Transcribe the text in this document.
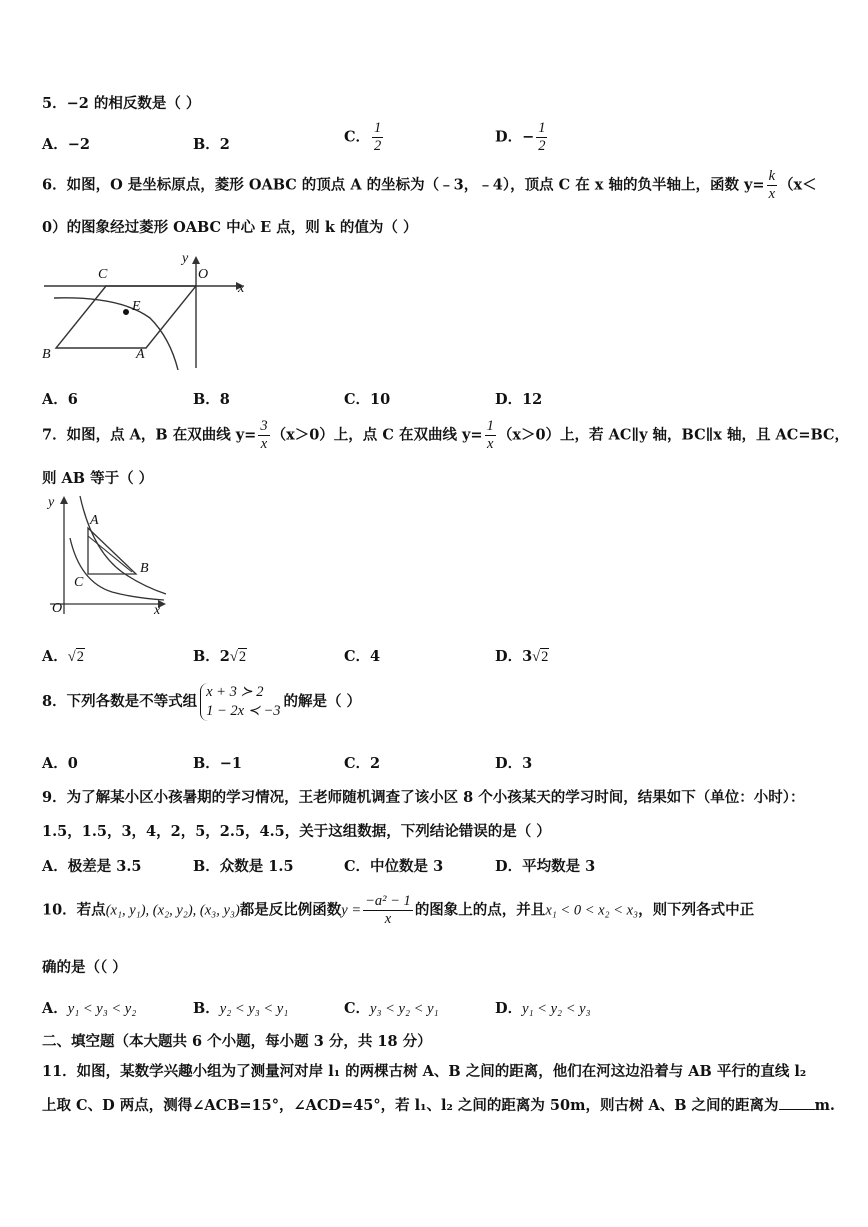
5．−2 的相反数是（ ）
A．−2	B．2	C． $\frac{1}{2}$	D．− $\frac{1}{2}$
6．如图，O 是坐标原点，菱形 OABC 的顶点 A 的坐标为（﹣3，﹣4），顶点 C 在 x 轴的负半轴上，函数 $y= \frac{k}{x} (x<$
0）的图象经过菱形 OABC 中心 E 点，则 k 的值为（ ）
C
y
O
x
E
B	A
A．6	B．8	C．10	D．12
7．如图，点 A，B 在双曲线 $y= \frac{3}{x} (x>0)$上，点 C 在双曲线 $y= \frac{1}{x} (x>0)$上，若 AC∥y 轴，BC∥x 轴，且 AC=BC，
则 AB 等于（ ）
y
A
B
C
O	x
A．√2	B．2√2	C．4	D．3√2
8．下列各数是不等式组
x + 3 ≻ 2
1 − 2x ≺ −3
的解是（ ）
A．0	B．−1	C．2	D．3
9．为了解某小区小孩暑期的学习情况，王老师随机调查了该小区 8 个小孩某天的学习时间，结果如下（单位：小时）：
1.5，1.5，3，4，2，5，2.5，4.5，关于这组数据，下列结论错误的是（ ）
A．极差是 3.5	B．众数是 1.5	C．中位数是 3	D．平均数是 3
10．若点(x₁, y₁), (x₂, y₂), (x₃, y₃)都是反比例函数$y = \frac{\text{−a² − 1}}{x}$ 的图象上的点，并且x₁ < 0 < x₂ < x₃，则下列各式中正
确的是（（ ）
A．y₁ < y₃ < y₂	B．y₂ < y₃ < y₁	C．y₃ < y₂ < y₁	D．y₁ < y₂ < y₃
二、填空题（本大题共 6 个小题，每小题 3 分，共 18 分）
11．如图，某数学兴趣小组为了测量河对岸 l₁ 的两棵古树 A、B 之间的距离，他们在河这边沿着与 AB 平行的直线 l₂
上取 C、D 两点，测得∠ACB=15°，∠ACD=45°，若 l₁、l₂ 之间的距离为 50m，则古树 A、B 之间的距离为 m.
